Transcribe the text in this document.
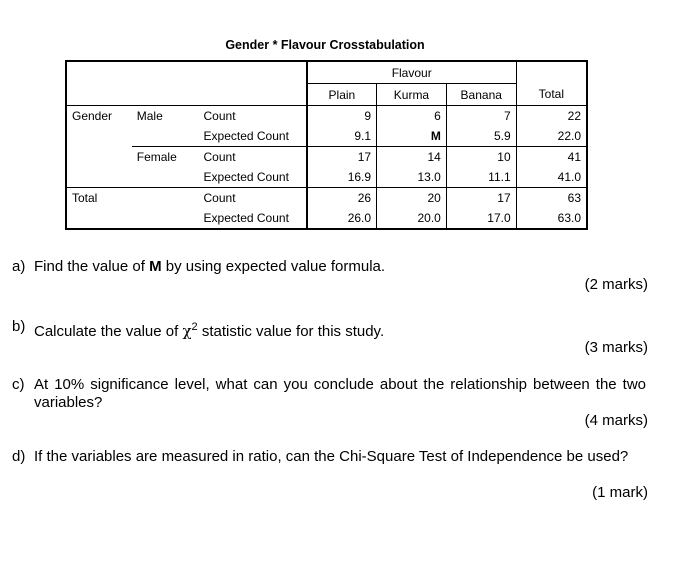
Gender * Flavour Crosstabulation
			Flavour			
			Plain	Kurma	Banana	Total
Gender	Male	Count	9	6	7	22
		Expected Count	9.1	M	5.9	22.0
	Female	Count	17	14	10	41
		Expected Count	16.9	13.0	11.1	41.0
Total		Count	26	20	17	63
		Expected Count	26.0	20.0	17.0	63.0
a) Find the value of M by using expected value formula.
(2 marks)
b) Calculate the value of $\chi^2$ statistic value for this study.
(3 marks)
c) At 10% significance level, what can you conclude about the relationship between the two variables?
(4 marks)
d) If the variables are measured in ratio, can the Chi-Square Test of Independence be used?
(1 mark)
